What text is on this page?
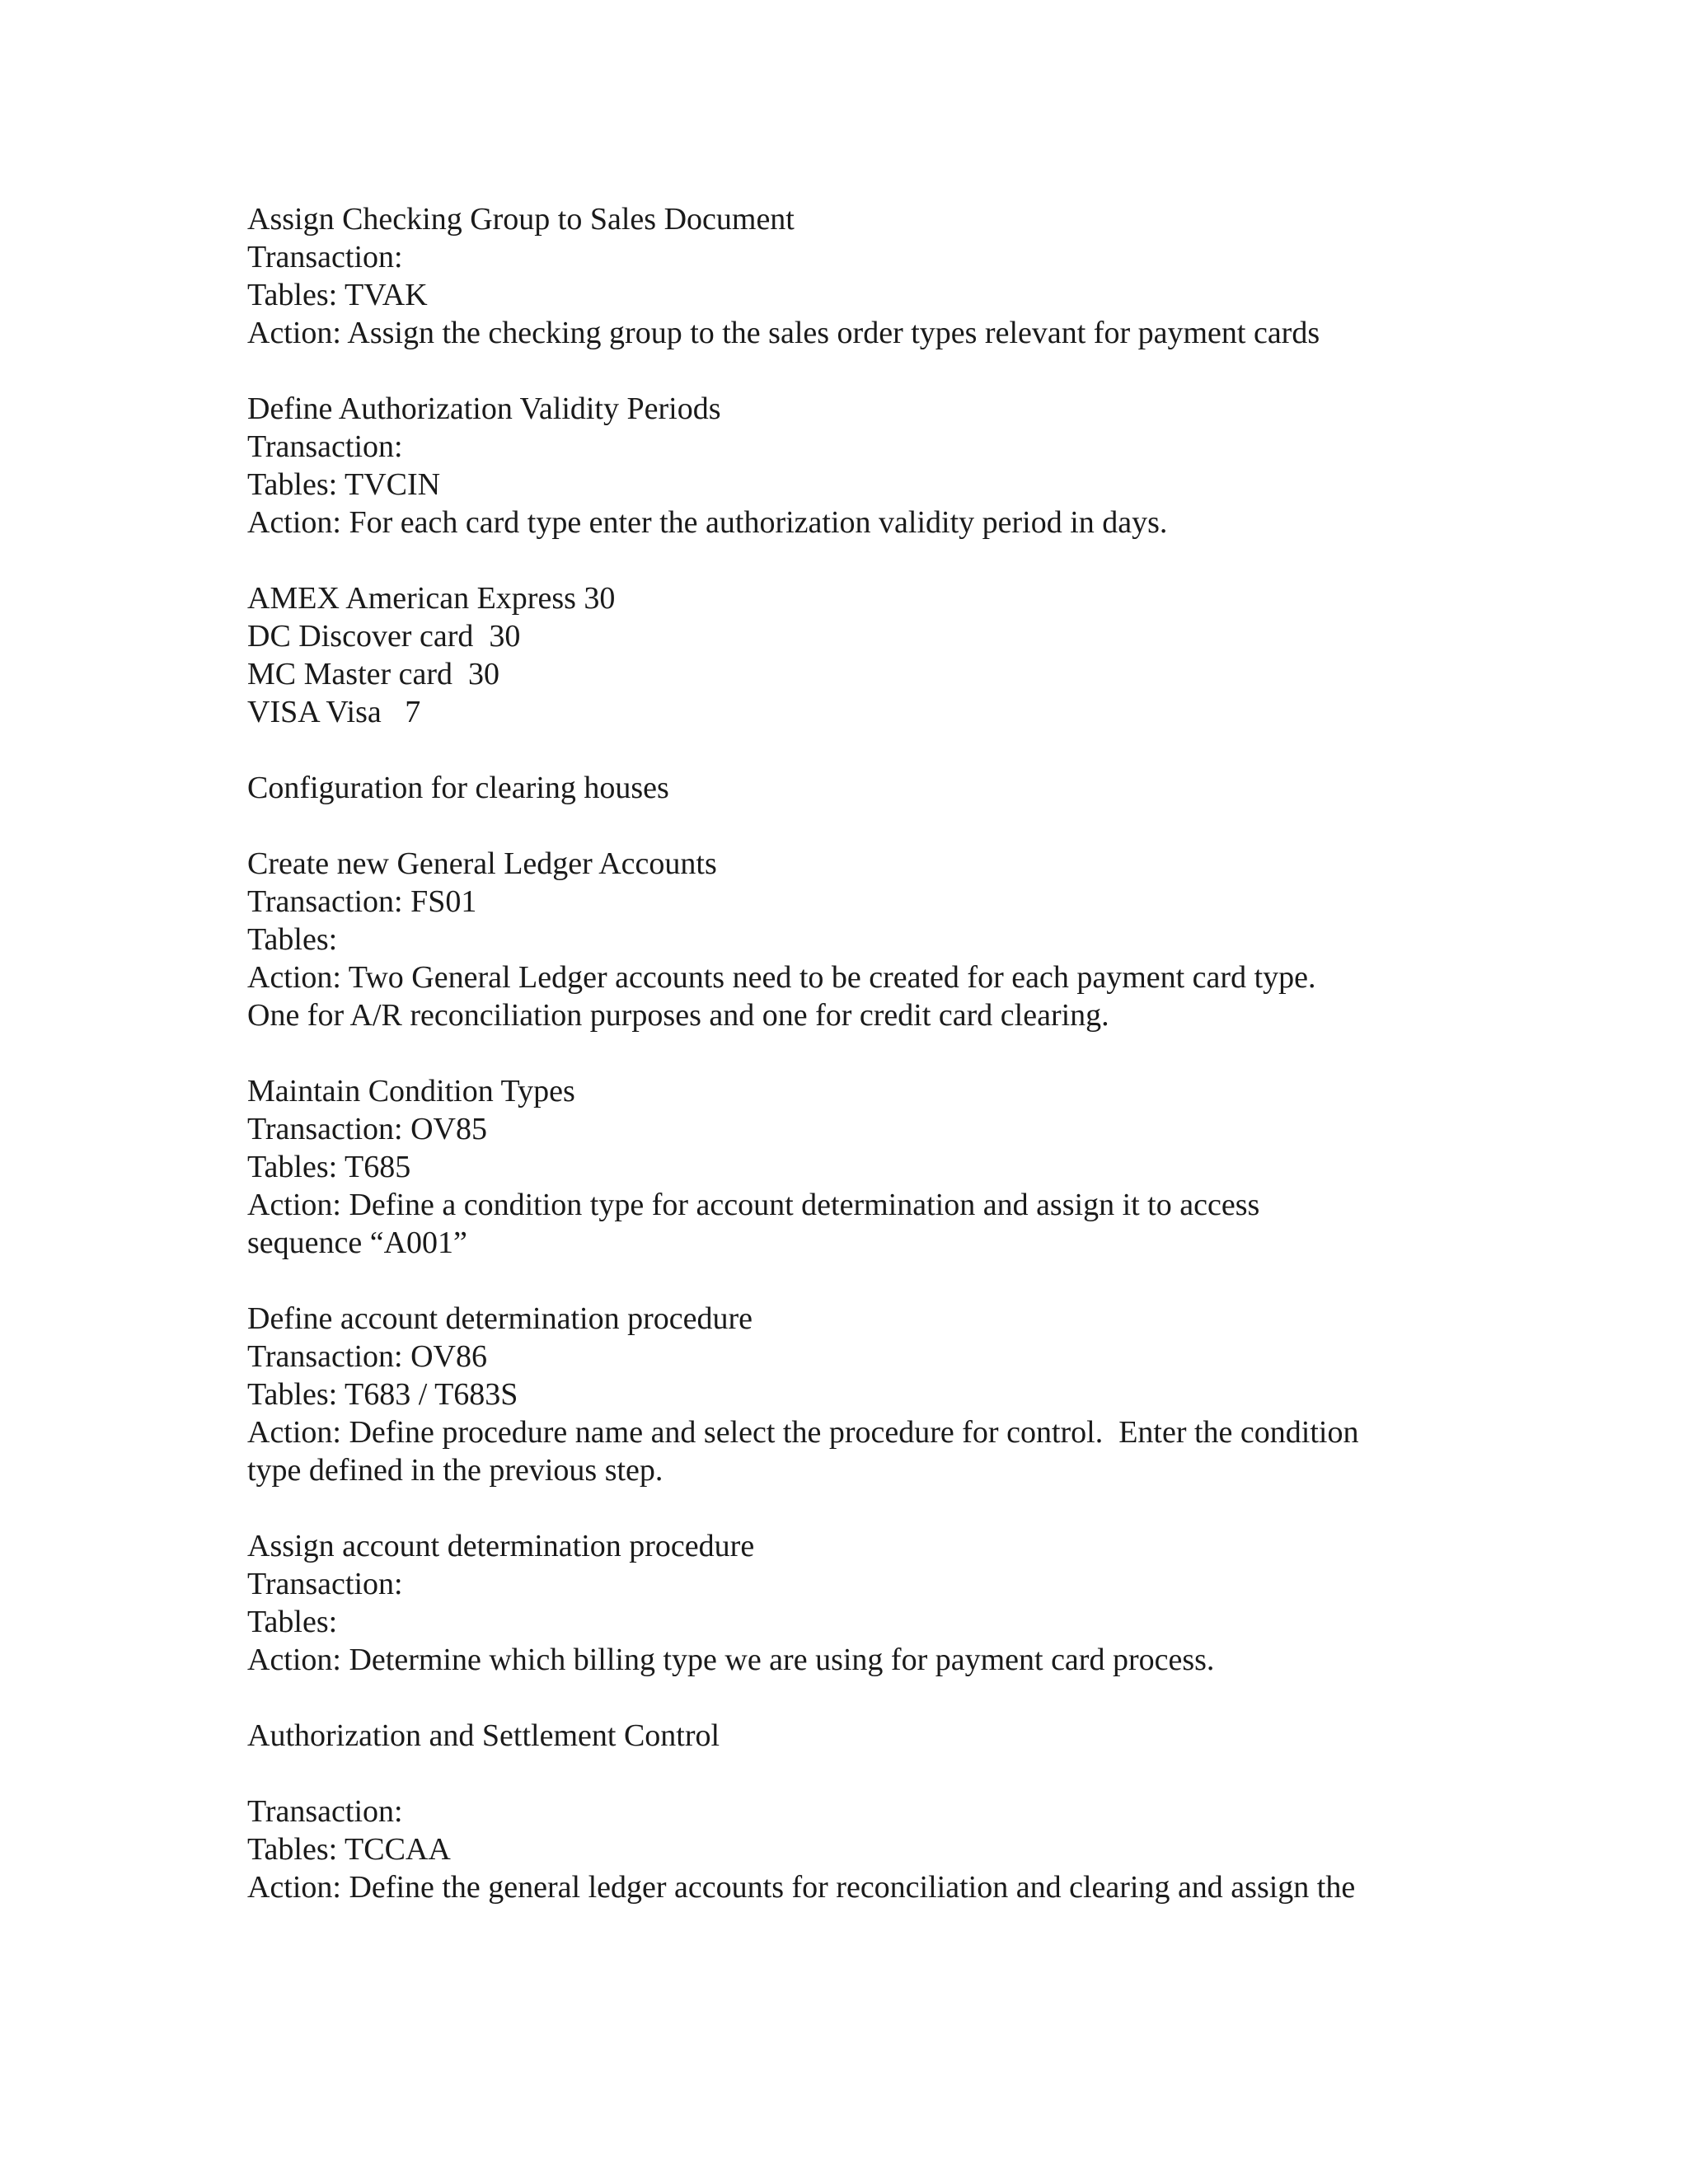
Assign Checking Group to Sales Document
Transaction:
Tables: TVAK
Action: Assign the checking group to the sales order types relevant for payment cards
Define Authorization Validity Periods
Transaction:
Tables: TVCIN
Action: For each card type enter the authorization validity period in days.
AMEX American Express 30
DC Discover card  30
MC Master card  30
VISA Visa   7
Configuration for clearing houses
Create new General Ledger Accounts
Transaction: FS01
Tables:
Action: Two General Ledger accounts need to be created for each payment card type.
One for A/R reconciliation purposes and one for credit card clearing.
Maintain Condition Types
Transaction: OV85
Tables: T685
Action: Define a condition type for account determination and assign it to access
sequence “A001”
Define account determination procedure
Transaction: OV86
Tables: T683 / T683S
Action: Define procedure name and select the procedure for control.  Enter the condition
type defined in the previous step.
Assign account determination procedure
Transaction:
Tables:
Action: Determine which billing type we are using for payment card process.
Authorization and Settlement Control
Transaction:
Tables: TCCAA
Action: Define the general ledger accounts for reconciliation and clearing and assign the
